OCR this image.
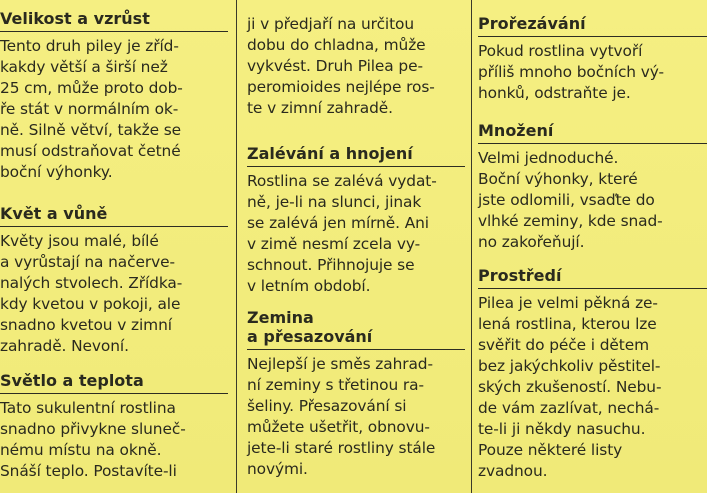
Velikost a vzrůst
Tento druh piley je zříd-
kakdy větší a širší než
25 cm, může proto dob-
ře stát v normálním ok-
ně. Silně větví, takže se
musí odstraňovat četné
boční výhonky.
Květ a vůně
Květy jsou malé, bílé
a vyrůstají na načerve-
nalých stvolech. Zřídka-
kdy kvetou v pokoji, ale
snadno kvetou v zimní
zahradě. Nevoní.
Světlo a teplota
Tato sukulentní rostlina
snadno přivykne sluneč-
nému místu na okně.
Snáší teplo. Postavíte-li
ji v předjaří na určitou
dobu do chladna, může
vykvést. Druh Pilea pe-
peromioides nejlépe ros-
te v zimní zahradě.
Zalévání a hnojení
Rostlina se zalévá vydat-
ně, je-li na slunci, jinak
se zalévá jen mírně. Ani
v zimě nesmí zcela vy-
schnout. Přihnojuje se
v letním období.
Zemina
a přesazování
Nejlepší je směs zahrad-
ní zeminy s třetinou ra-
šeliny. Přesazování si
můžete ušetřit, obnovu-
jete-li staré rostliny stále
novými.
Prořezávání
Pokud rostlina vytvoří
příliš mnoho bočních vý-
honků, odstraňte je.
Množení
Velmi jednoduché.
Boční výhonky, které
jste odlomili, vsaďte do
vlhké zeminy, kde snad-
no zakořeňují.
Prostředí
Pilea je velmi pěkná ze-
lená rostlina, kterou lze
svěřit do péče i dětem
bez jakýchkoliv pěstitel-
ských zkušeností. Nebu-
de vám zazlívat, nechá-
te-li ji někdy nasuchu.
Pouze některé listy
zvadnou.
